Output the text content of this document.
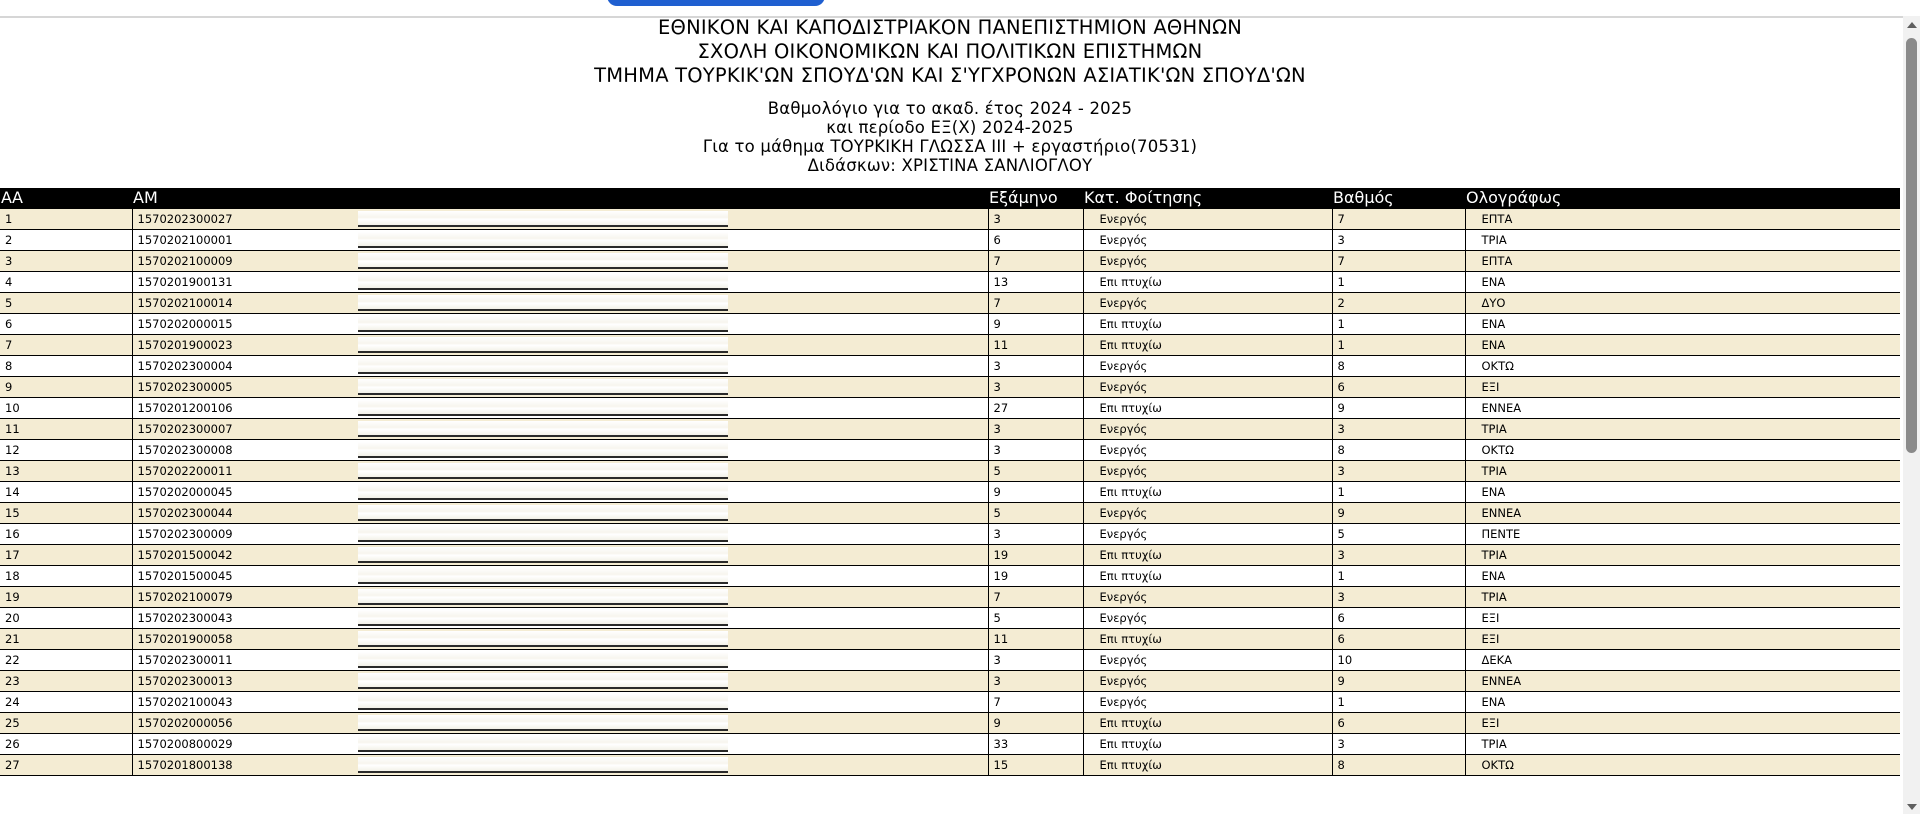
ΕΘΝΙΚΟΝ ΚΑΙ ΚΑΠΟΔΙΣΤΡΙΑΚΟΝ ΠΑΝΕΠΙΣΤΗΜΙΟΝ ΑΘΗΝΩΝ
ΣΧΟΛΗ ΟΙΚΟΝΟΜΙΚΩΝ ΚΑΙ ΠΟΛΙΤΙΚΩΝ ΕΠΙΣΤΗΜΩΝ
ΤΜΗΜΑ ΤΟΥΡΚΙΚ'ΩΝ ΣΠΟΥΔ'ΩΝ ΚΑΙ Σ'ΥΓΧΡΟΝΩΝ ΑΣΙΑΤΙΚ'ΩΝ ΣΠΟΥΔ'ΩΝ
Βαθμολόγιο για το ακαδ. έτος 2024 - 2025
και περίοδο ΕΞ(Χ) 2024-2025
Για το μάθημα ΤΟΥΡΚΙΚΗ ΓΛΩΣΣΑ ΙΙΙ + εργαστήριο(70531)
Διδάσκων: ΧΡΙΣΤΙΝΑ ΣΑΝΛΙΟΓΛΟΥ
ΑΑ	ΑΜ	Εξάμηνο	Κατ. Φοίτησης	Βαθμός	Ολογράφως
1	1570202300027	3	Ενεργός	7	ΕΠΤΑ
2	1570202100001	6	Ενεργός	3	ΤΡΙΑ
3	1570202100009	7	Ενεργός	7	ΕΠΤΑ
4	1570201900131	13	Επι πτυχίω	1	ΕΝΑ
5	1570202100014	7	Ενεργός	2	ΔΥΟ
6	1570202000015	9	Επι πτυχίω	1	ΕΝΑ
7	1570201900023	11	Επι πτυχίω	1	ΕΝΑ
8	1570202300004	3	Ενεργός	8	ΟΚΤΩ
9	1570202300005	3	Ενεργός	6	ΕΞΙ
10	1570201200106	27	Επι πτυχίω	9	ΕΝΝΕΑ
11	1570202300007	3	Ενεργός	3	ΤΡΙΑ
12	1570202300008	3	Ενεργός	8	ΟΚΤΩ
13	1570202200011	5	Ενεργός	3	ΤΡΙΑ
14	1570202000045	9	Επι πτυχίω	1	ΕΝΑ
15	1570202300044	5	Ενεργός	9	ΕΝΝΕΑ
16	1570202300009	3	Ενεργός	5	ΠΕΝΤΕ
17	1570201500042	19	Επι πτυχίω	3	ΤΡΙΑ
18	1570201500045	19	Επι πτυχίω	1	ΕΝΑ
19	1570202100079	7	Ενεργός	3	ΤΡΙΑ
20	1570202300043	5	Ενεργός	6	ΕΞΙ
21	1570201900058	11	Επι πτυχίω	6	ΕΞΙ
22	1570202300011	3	Ενεργός	10	ΔΕΚΑ
23	1570202300013	3	Ενεργός	9	ΕΝΝΕΑ
24	1570202100043	7	Ενεργός	1	ΕΝΑ
25	1570202000056	9	Επι πτυχίω	6	ΕΞΙ
26	1570200800029	33	Επι πτυχίω	3	ΤΡΙΑ
27	1570201800138	15	Επι πτυχίω	8	ΟΚΤΩ
